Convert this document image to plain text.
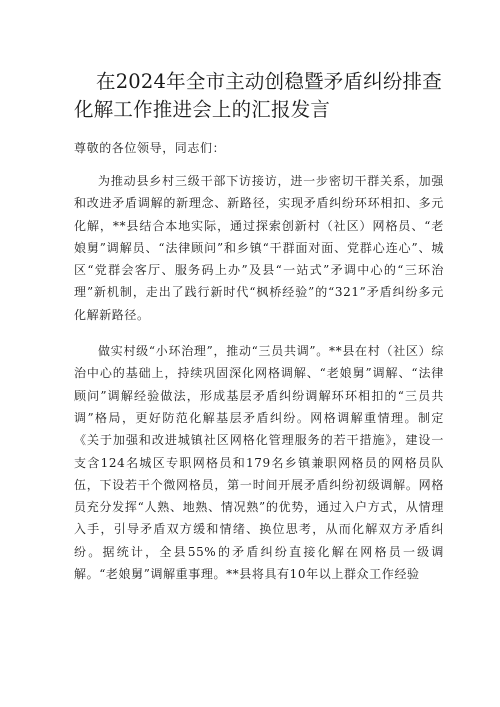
在2024年全市主动创稳暨矛盾纠纷排查化解工作推进会上的汇报发言

尊敬的各位领导，同志们：

为推动县乡村三级干部下访接访，进一步密切干群关系，加强和改进矛盾调解的新理念、新路径，实现矛盾纠纷环环相扣、多元化解，**县结合本地实际，通过探索创新村（社区）网格员、“老娘舅”调解员、“法律顾问”和乡镇“干群面对面、党群心连心”、城区“党群会客厅、服务码上办”及县“一站式”矛调中心的“三环治理”新机制，走出了践行新时代“枫桥经验”的“321”矛盾纠纷多元化解新路径。

做实村级“小环治理”，推动“三员共调”。**县在村（社区）综治中心的基础上，持续巩固深化网格调解、“老娘舅”调解、“法律顾问”调解经验做法，形成基层矛盾纠纷调解环环相扣的“三员共调”格局，更好防范化解基层矛盾纠纷。网格调解重情理。制定《关于加强和改进城镇社区网格化管理服务的若干措施》，建设一支含124名城区专职网格员和179名乡镇兼职网格员的网格员队伍，下设若干个微网格员，第一时间开展矛盾纠纷初级调解。网格员充分发挥“人熟、地熟、情况熟”的优势，通过入户方式，从情理入手，引导矛盾双方缓和情绪、换位思考，从而化解双方矛盾纠纷。据统计，全县55%的矛盾纠纷直接化解在网格员一级调解。“老娘舅”调解重事理。**县将具有10年以上群众工作经验
